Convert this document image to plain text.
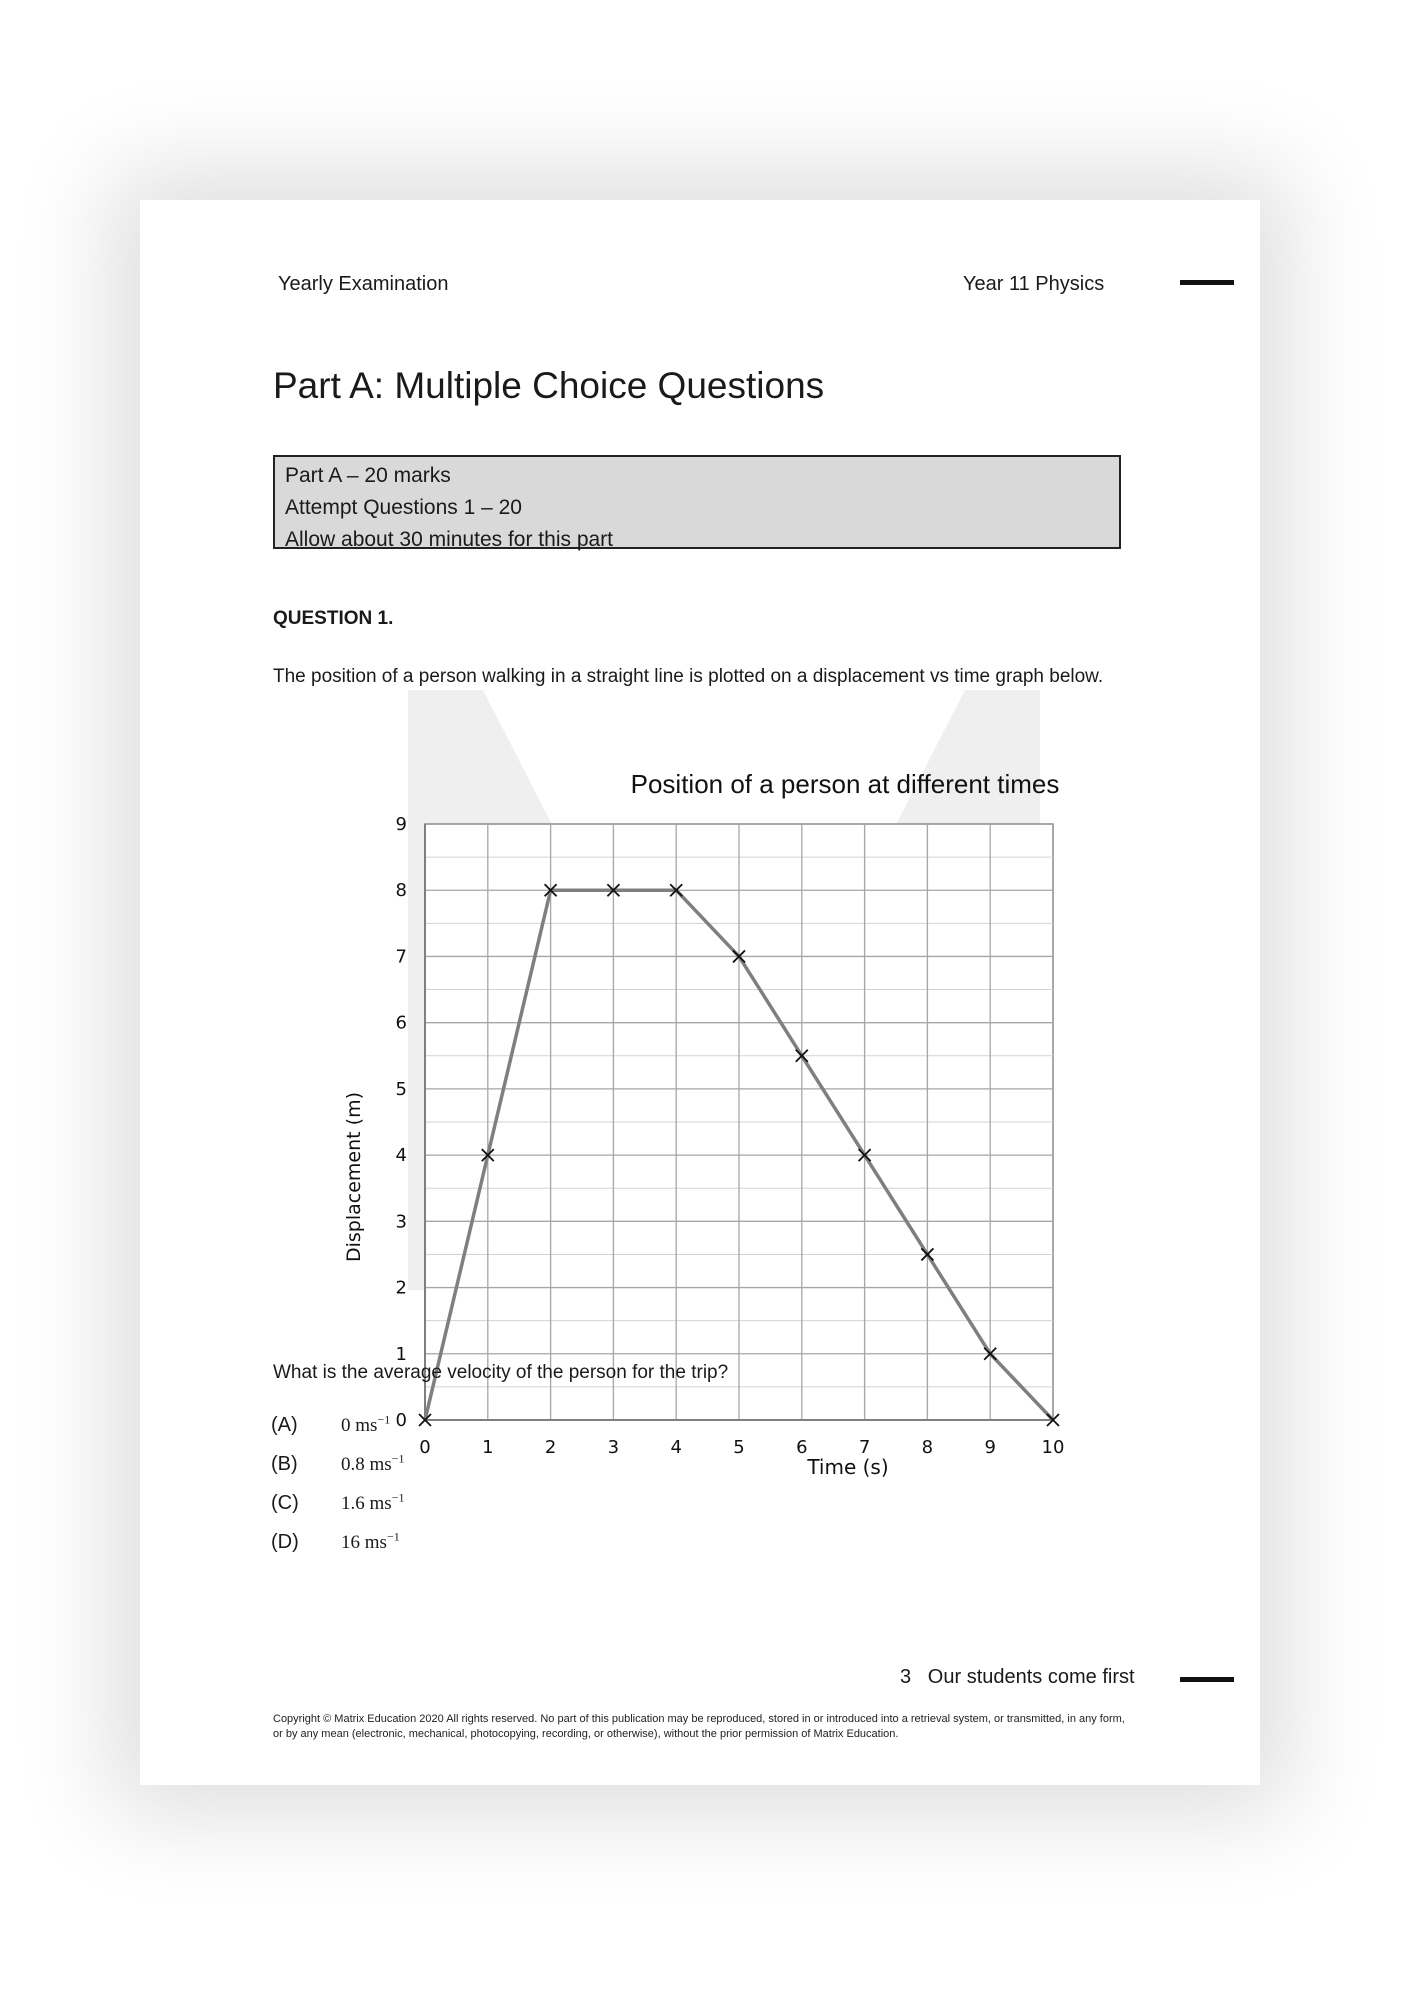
Yearly Examination	Year 11 Physics
Part A: Multiple Choice Questions
Part A – 20 marks
Attempt Questions 1 – 20
Allow about 30 minutes for this part
QUESTION 1.
The position of a person walking in a straight line is plotted on a displacement vs time graph below.
Position of a person at different times
0	1	2	3	4	5	6	7	8	9	10
0
1
2
3
4
5
6
7
8
9
Time (s)
Displacement (m)
What is the average velocity of the person for the trip?
(A) 0 $ms^{-1}$
(B) 0.8 $ms^{-1}$
(C) 1.6 $ms^{-1}$
(D) 16 $ms^{-1}$
3 Our students come first
Copyright © Matrix Education 2020 All rights reserved. No part of this publication may be reproduced, stored in or introduced into a retrieval system, or transmitted, in any form, or by any mean (electronic, mechanical, photocopying, recording, or otherwise), without the prior permission of Matrix Education.
